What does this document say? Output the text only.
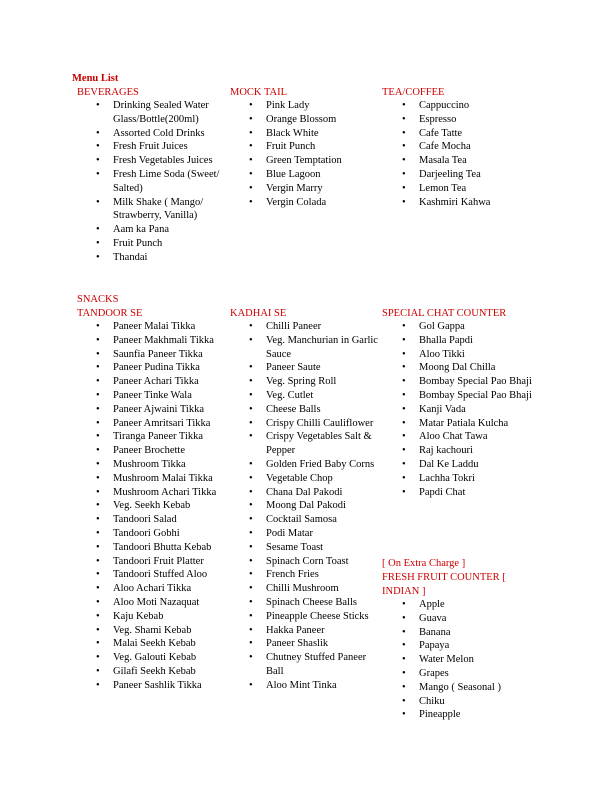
Menu List
BEVERAGES	MOCK TAIL	TEA/COFFEE
• Drinking Sealed Water Glass/Bottle(200ml)
• Assorted Cold Drinks
• Fresh Fruit Juices
• Fresh Vegetables Juices
• Fresh Lime Soda (Sweet/ Salted)
• Milk Shake ( Mango/ Strawberry, Vanilla)
• Aam ka Pana
• Fruit Punch
• Thandai
• Pink Lady
• Orange Blossom
• Black White
• Fruit Punch
• Green Temptation
• Blue Lagoon
• Vergin Marry
• Vergin Colada
• Cappuccino
• Espresso
• Cafe Tatte
• Cafe Mocha
• Masala Tea
• Darjeeling Tea
• Lemon Tea
• Kashmiri Kahwa
SNACKS
TANDOOR SE	KADHAI SE	SPECIAL CHAT COUNTER
• Paneer Malai Tikka
• Paneer Makhmali Tikka
• Saunfia Paneer Tikka
• Paneer Pudina Tikka
• Paneer Achari Tikka
• Paneer Tinke Wala
• Paneer Ajwaini Tikka
• Paneer Amritsari Tikka
• Tiranga Paneer Tikka
• Paneer Brochette
• Mushroom Tikka
• Mushroom Malai Tikka
• Mushroom Achari Tikka
• Veg. Seekh Kebab
• Tandoori Salad
• Tandoori Gobhi
• Tandoori Bhutta Kebab
• Tandoori Fruit Platter
• Tandoori Stuffed Aloo
• Aloo Achari Tikka
• Aloo Moti Nazaquat
• Kaju Kebab
• Veg. Shami Kebab
• Malai Seekh Kebab
• Veg. Galouti Kebab
• Gilafi Seekh Kebab
• Paneer Sashlik Tikka
• Chilli Paneer
• Veg. Manchurian in Garlic Sauce
• Paneer Saute
• Veg. Spring Roll
• Veg. Cutlet
• Cheese Balls
• Crispy Chilli Cauliflower
• Crispy Vegetables Salt & Pepper
• Golden Fried Baby Corns
• Vegetable Chop
• Chana Dal Pakodi
• Moong Dal Pakodi
• Cocktail Samosa
• Podi Matar
• Sesame Toast
• Spinach Corn Toast
• French Fries
• Chilli Mushroom
• Spinach Cheese Balls
• Pineapple Cheese Sticks
• Hakka Paneer
• Paneer Shaslik
• Chutney Stuffed Paneer Ball
• Aloo Mint Tinka
• Gol Gappa
• Bhalla Papdi
• Aloo Tikki
• Moong Dal Chilla
• Bombay Special Pao Bhaji
• Bombay Special Pao Bhaji
• Kanji Vada
• Matar Patiala Kulcha
• Aloo Chat Tawa
• Raj kachouri
• Dal Ke Laddu
• Lachha Tokri
• Papdi Chat
[ On Extra Charge ]
FRESH FRUIT COUNTER [ INDIAN ]
• Apple
• Guava
• Banana
• Papaya
• Water Melon
• Grapes
• Mango ( Seasonal )
• Chiku
• Pineapple
